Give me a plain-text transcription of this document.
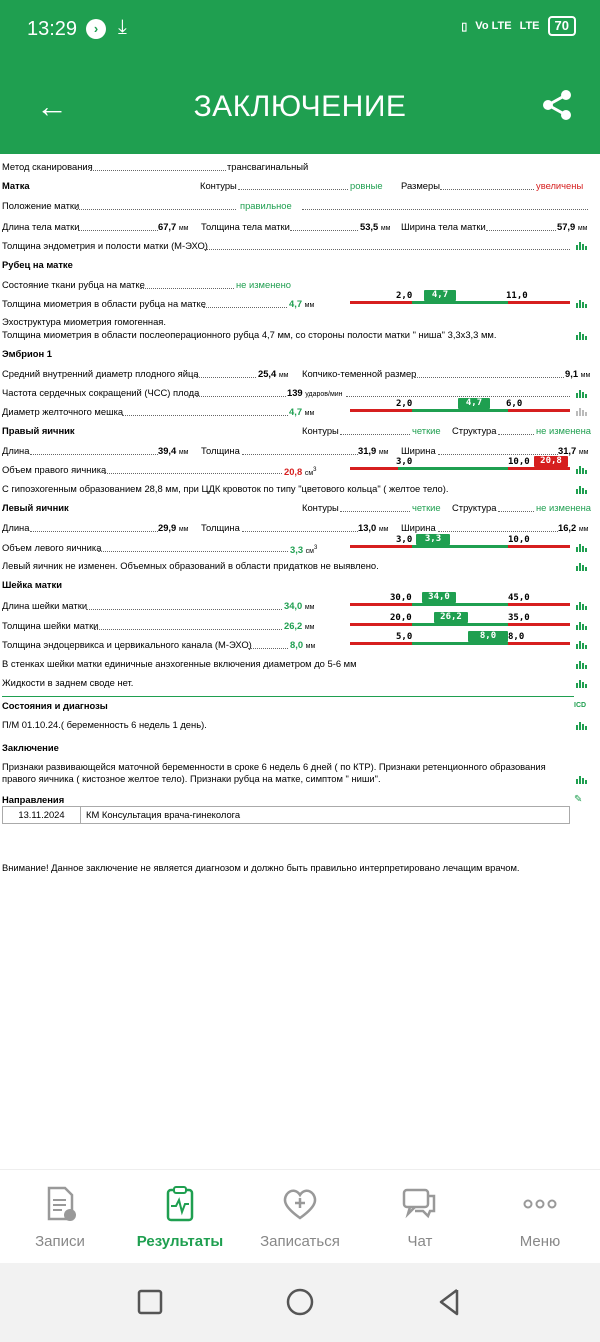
13:29	› ⤓	▯ Vo LTE LTE	70
←	ЗАКЛЮЧЕНИЕ
Метод сканирования	трансвагинальный
Матка	Контуры	ровные Размеры	увеличены
Положение матки	правильное
Длина тела матки	67,7 мм Толщина тела матки	53,5 мм Ширина тела матки	57,9 мм
Толщина эндометрия и полости матки (М-ЭХО)
Рубец на матке
Состояние ткани рубца на матке	не изменено
Толщина миометрия в области рубца на матке	4,7 мм
2,0	4,7	11,0
Эхоструктура миометрия гомогенная.
Толщина миометрия в области послеоперационного рубца 4,7 мм, со стороны полости матки " ниша" 3,3х3,3 мм.
Эмбрион 1
Средний внутренний диаметр плодного яйца	25,4 мм Копчико-теменной размер	9,1 мм
Частота сердечных сокращений (ЧСС) плода	139 ударов/мин
Диаметр желточного мешка	4,7 мм
2,0	4,7	6,0
Правый яичник	Контуры	четкие Структура	не изменена
Длина	39,4 мм Толщина	31,9 мм Ширина	31,7 мм
Объем правого яичника	20,8 $см^3$
3,0	10,0	20,8
С гипоэхогенным образованием 28,8 мм, при ЦДК кровоток по типу "цветового кольца" ( желтое тело).
Левый яичник	Контуры	четкие Структура	не изменена
Длина	29,9 мм Толщина	13,0 мм Ширина	16,2 мм
Объем левого яичника	3,3 $см^3$
3,0	3,3	10,0
Левый яичник не изменен. Объемных образований в области придатков не выявлено.
Шейка матки
Длина шейки матки	34,0 мм
30,0	34,0	45,0
Толщина шейки матки	26,2 мм
20,0	26,2	35,0
Толщина эндоцервикса и цервикального канала (М-ЭХО)	8,0 мм
5,0	8,0	8,0
В стенках шейки матки единичные анэхогенные включения диаметром до 5-6 мм
Жидкости в заднем своде нет.
Состояния и диагнозы	ICD
П/М 01.10.24.( беременность 6 недель 1 день).
Заключение
Признаки развивающейся маточной беременности в сроке 6 недель 6 дней ( по КТР). Признаки ретенционного образования
правого яичника ( кистозное желтое тело). Признаки рубца на матке, симптом " ниши".
Направления	✎
13.11.2024	КМ Консультация врача-гинеколога
Внимание! Данное заключение не является диагнозом и должно быть правильно интерпретировано лечащим врачом.
Записи	Результаты	Записаться	Чат	Меню
